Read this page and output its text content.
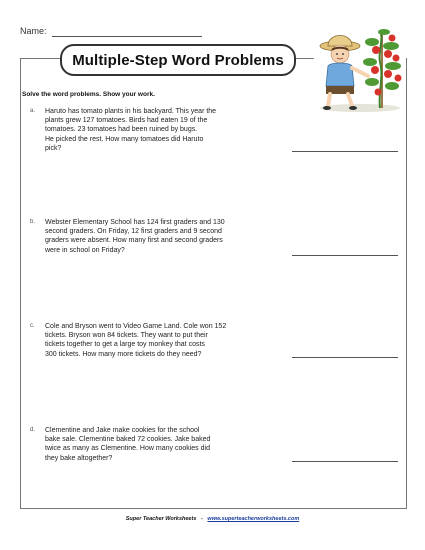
Name:
Multiple-Step Word Problems
Solve the word problems. Show your work.
a. Haruto has tomato plants in his backyard. This year the
plants grew 127 tomatoes. Birds had eaten 19 of the
tomatoes. 23 tomatoes had been ruined by bugs.
He picked the rest. How many tomatoes did Haruto
pick?
b. Webster Elementary School has 124 first graders and 130
second graders. On Friday, 12 first graders and 9 second
graders were absent. How many first and second graders
were in school on Friday?
c. Cole and Bryson went to Video Game Land. Cole won 152
tickets. Bryson won 84 tickets. They want to put their
tickets together to get a large toy monkey that costs
300 tickets. How many more tickets do they need?
d. Clementine and Jake make cookies for the school
bake sale. Clementine baked 72 cookies. Jake baked
twice as many as Clementine. How many cookies did
they bake altogether?
Super Teacher Worksheets - www.superteacherworksheets.com
